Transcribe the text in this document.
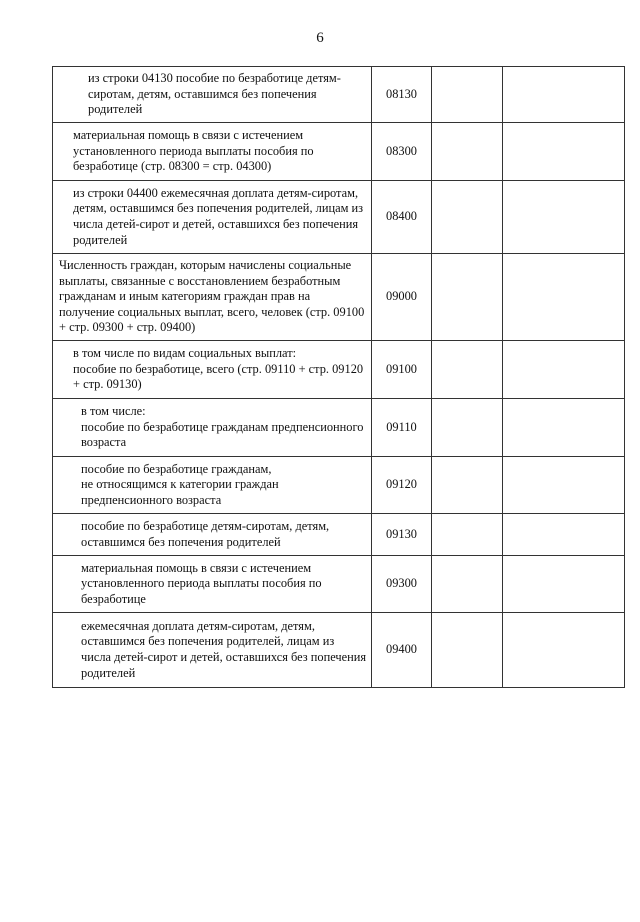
6
из строки 04130 пособие по безработице детям-сиротам, детям, оставшимся без попечения родителей	08130		

материальная помощь в связи с истечением установленного периода выплаты пособия по безработице (стр. 08300 = стр. 04300)	08300		

из строки 04400 ежемесячная доплата детям-сиротам, детям, оставшимся без попечения родителей, лицам из числа детей-сирот и детей, оставшихся без попечения родителей	08400		

Численность граждан, которым начислены социальные выплаты, связанные с восстановлением безработным гражданам и иным категориям граждан прав на получение социальных выплат, всего, человек (стр. 09100 + стр. 09300 + стр. 09400)	09000		

в том числе по видам социальных выплат:
пособие по безработице, всего (стр. 09110 + стр. 09120 + стр. 09130)	09100		

в том числе:
пособие по безработице гражданам предпенсионного возраста	09110		

пособие по безработице гражданам,
не относящимся к категории граждан предпенсионного возраста	09120		

пособие по безработице детям-сиротам, детям, оставшимся без попечения родителей	09130		

материальная помощь в связи с истечением установленного периода выплаты пособия по безработице	09300		

ежемесячная доплата детям-сиротам, детям, оставшимся без попечения родителей, лицам из числа детей-сирот и детей, оставшихся без попечения родителей	09400		
